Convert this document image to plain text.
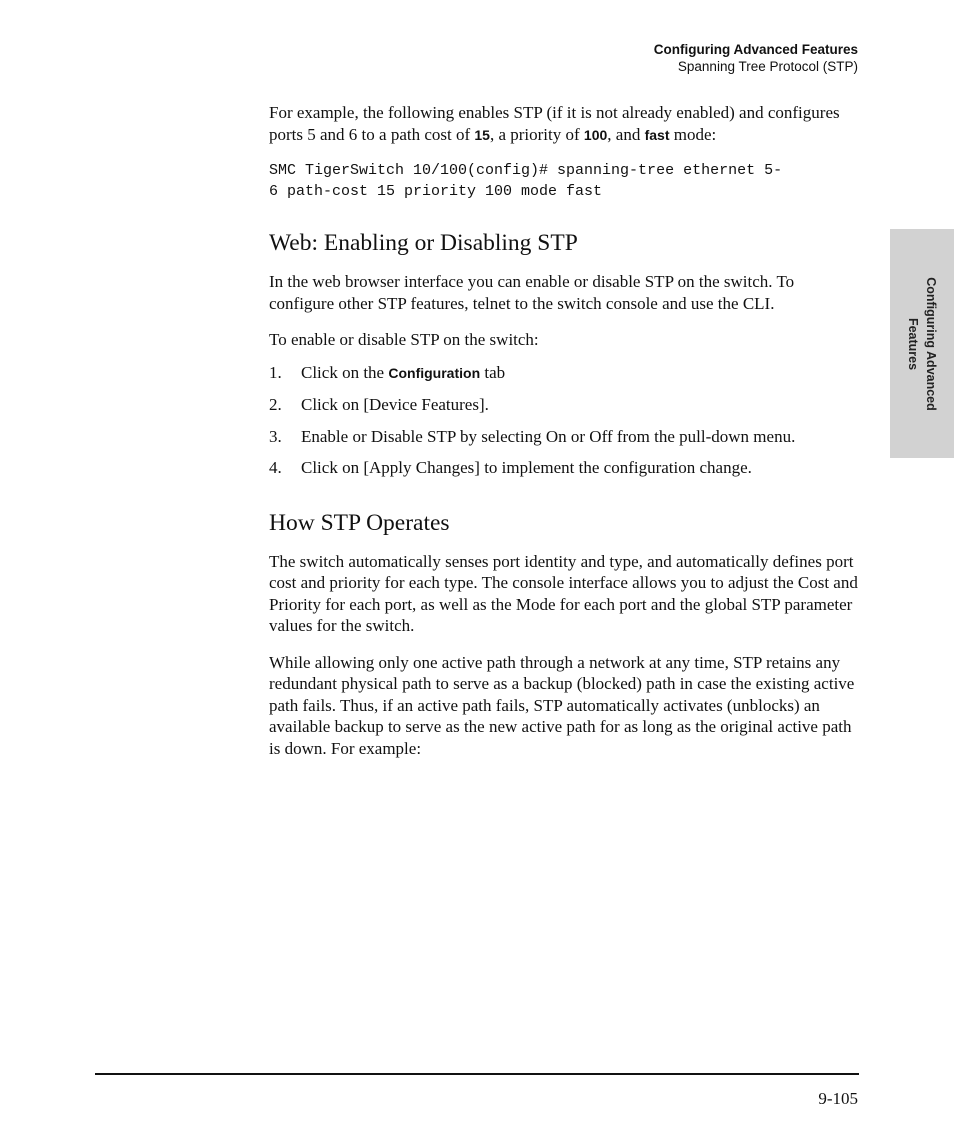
Configuring Advanced Features
Spanning Tree Protocol (STP)
Configuring Advanced
Features

For example, the following enables STP (if it is not already enabled) and configures ports 5 and 6 to a path cost of 15, a priority of 100, and fast mode:

SMC TigerSwitch 10/100(config)# spanning-tree ethernet 5-
6 path-cost 15 priority 100 mode fast
Web: Enabling or Disabling STP

In the web browser interface you can enable or disable STP on the switch. To configure other STP features, telnet to the switch console and use the CLI.

To enable or disable STP on the switch:

1. Click on the Configuration tab
2. Click on [Device Features].
3. Enable or Disable STP by selecting On or Off from the pull-down menu.
4. Click on [Apply Changes] to implement the configuration change.
How STP Operates

The switch automatically senses port identity and type, and automatically defines port cost and priority for each type. The console interface allows you to adjust the Cost and Priority for each port, as well as the Mode for each port and the global STP parameter values for the switch.

While allowing only one active path through a network at any time, STP retains any redundant physical path to serve as a backup (blocked) path in case the existing active path fails. Thus, if an active path fails, STP automatically activates (unblocks) an available backup to serve as the new active path for as long as the original active path is down. For example:

9-105
